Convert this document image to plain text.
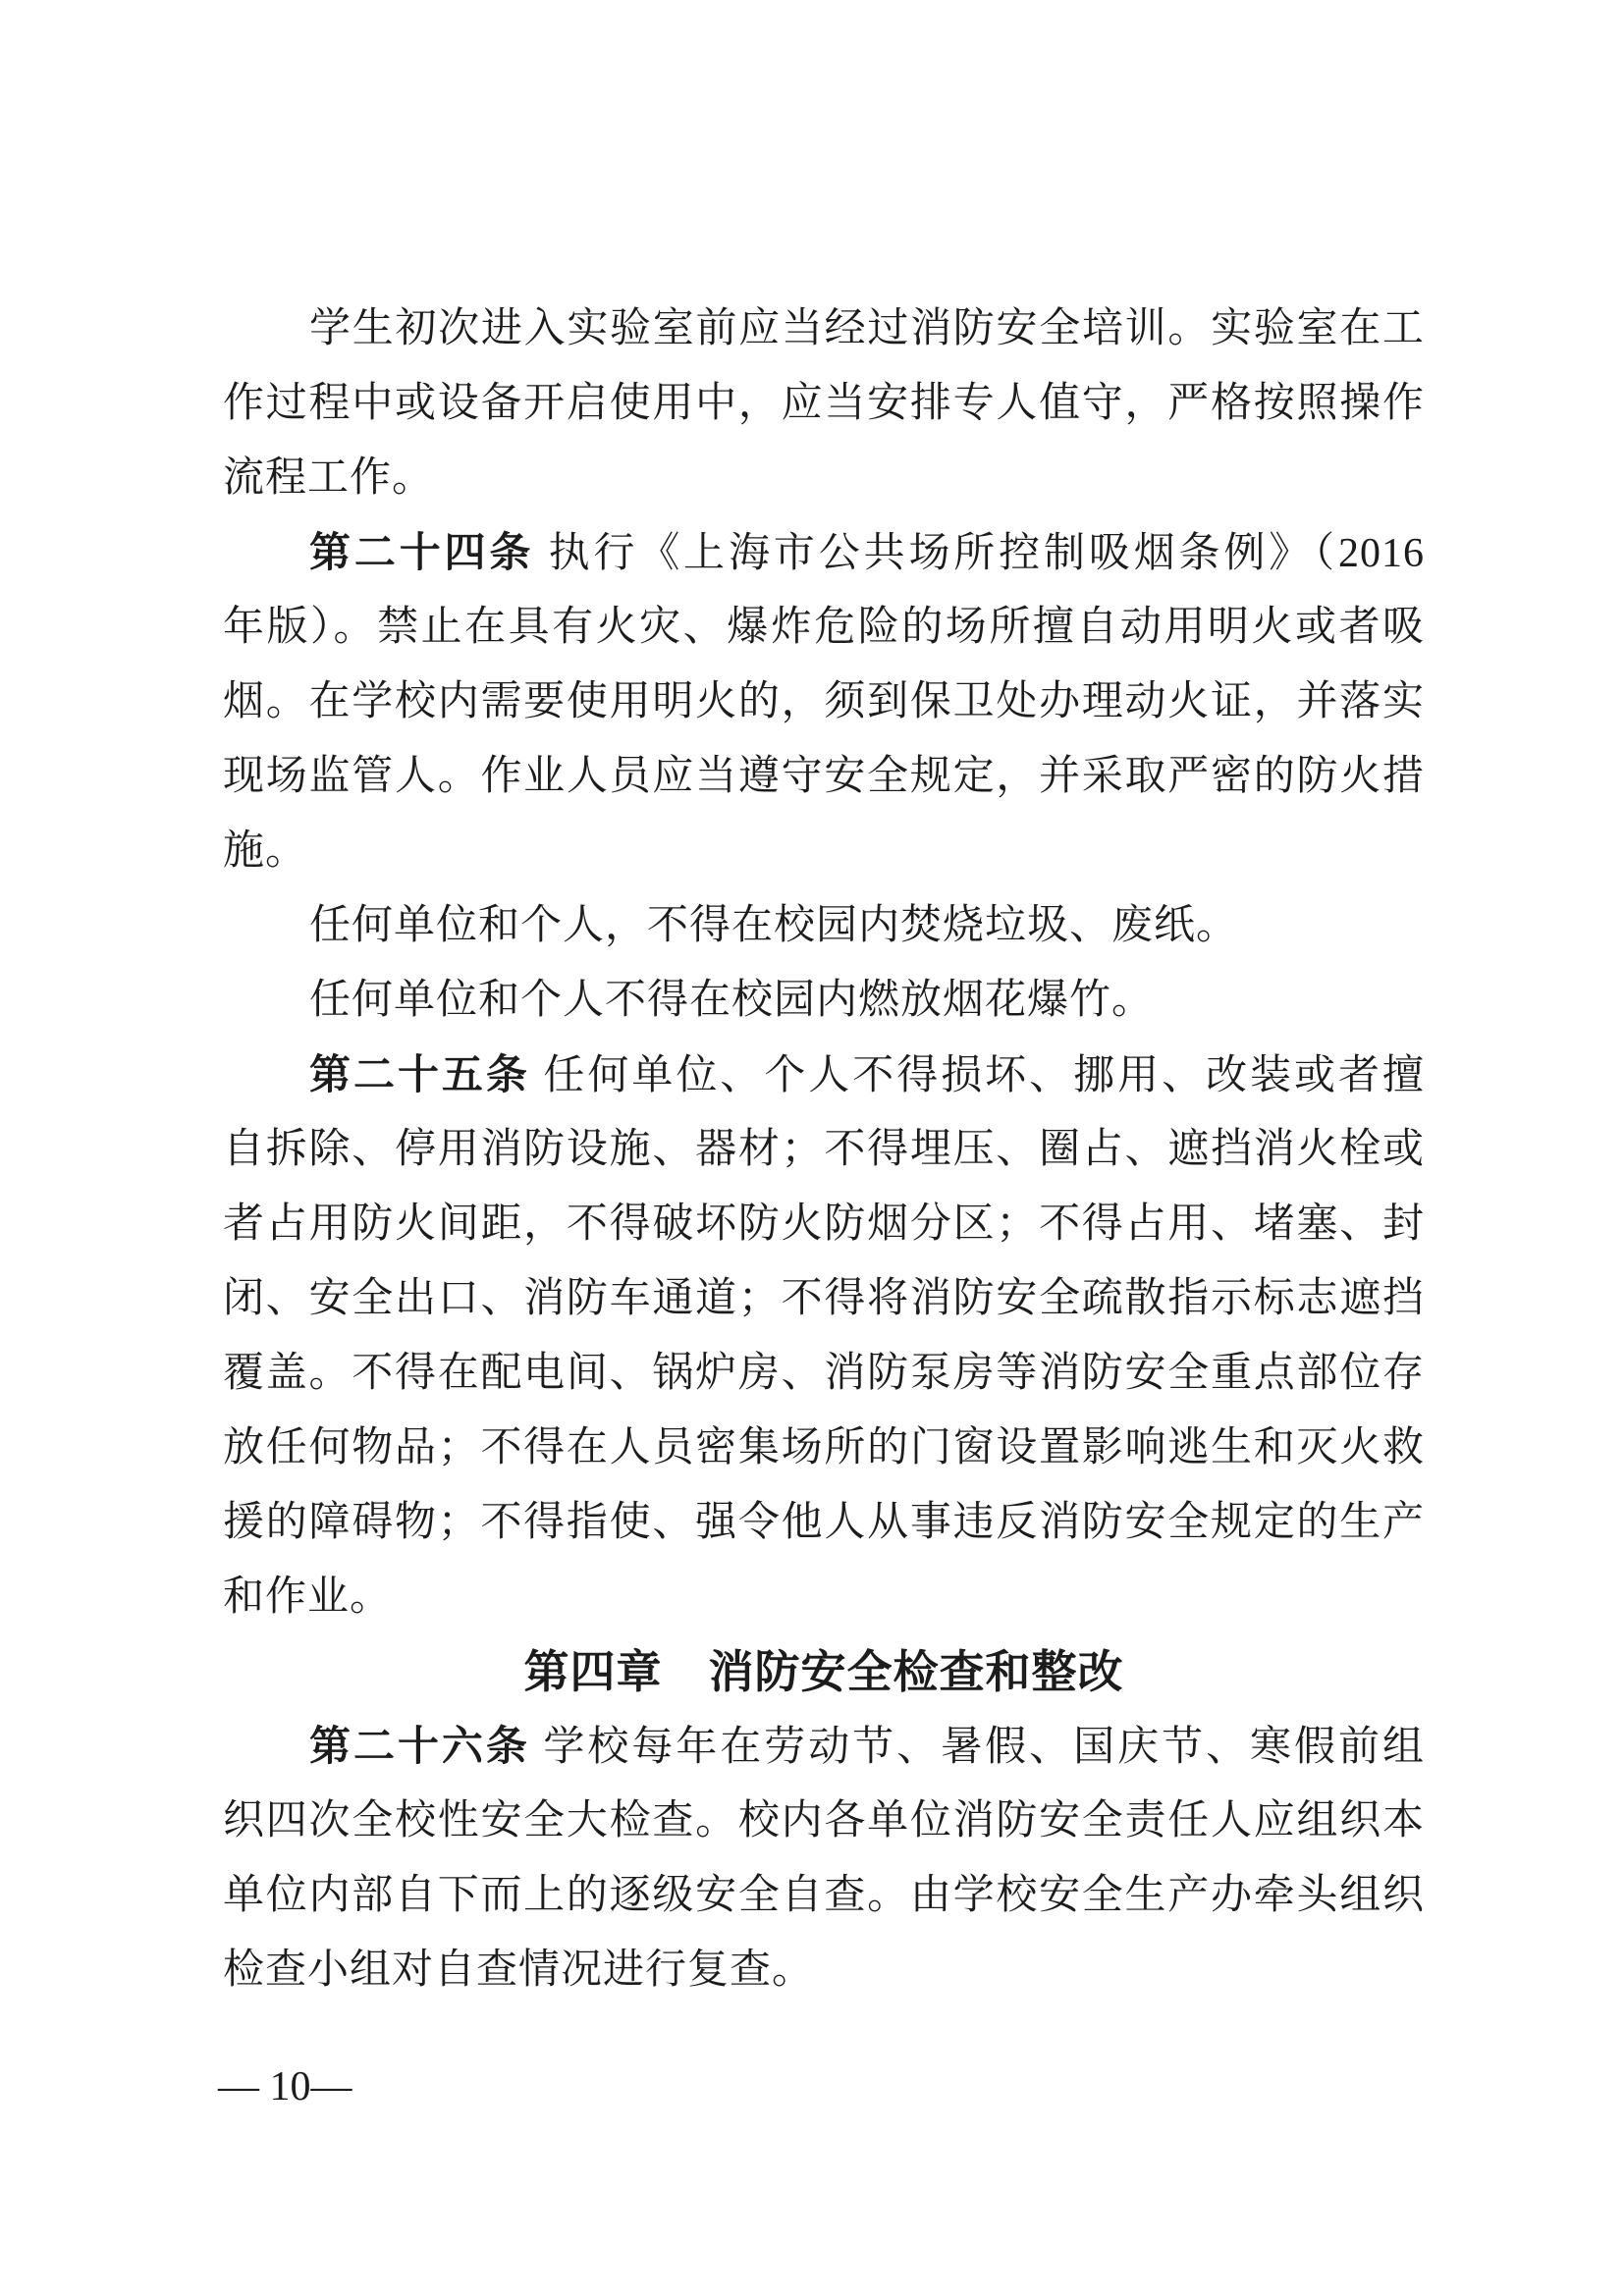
学生初次进入实验室前应当经过消防安全培训。实验室在工
作过程中或设备开启使用中，应当安排专人值守，严格按照操作
流程工作。
第二十四条 执行《上海市公共场所控制吸烟条例》（2016
年版）。禁止在具有火灾、爆炸危险的场所擅自动用明火或者吸
烟。在学校内需要使用明火的，须到保卫处办理动火证，并落实
现场监管人。作业人员应当遵守安全规定，并采取严密的防火措
施。
任何单位和个人，不得在校园内焚烧垃圾、废纸。
任何单位和个人不得在校园内燃放烟花爆竹。
第二十五条 任何单位、个人不得损坏、挪用、改装或者擅
自拆除、停用消防设施、器材；不得埋压、圈占、遮挡消火栓或
者占用防火间距，不得破坏防火防烟分区；不得占用、堵塞、封
闭、安全出口、消防车通道；不得将消防安全疏散指示标志遮挡
覆盖。不得在配电间、锅炉房、消防泵房等消防安全重点部位存
放任何物品；不得在人员密集场所的门窗设置影响逃生和灭火救
援的障碍物；不得指使、强令他人从事违反消防安全规定的生产
和作业。
第四章　消防安全检查和整改
第二十六条 学校每年在劳动节、暑假、国庆节、寒假前组
织四次全校性安全大检查。校内各单位消防安全责任人应组织本
单位内部自下而上的逐级安全自查。由学校安全生产办牵头组织
检查小组对自查情况进行复查。
— 10—
